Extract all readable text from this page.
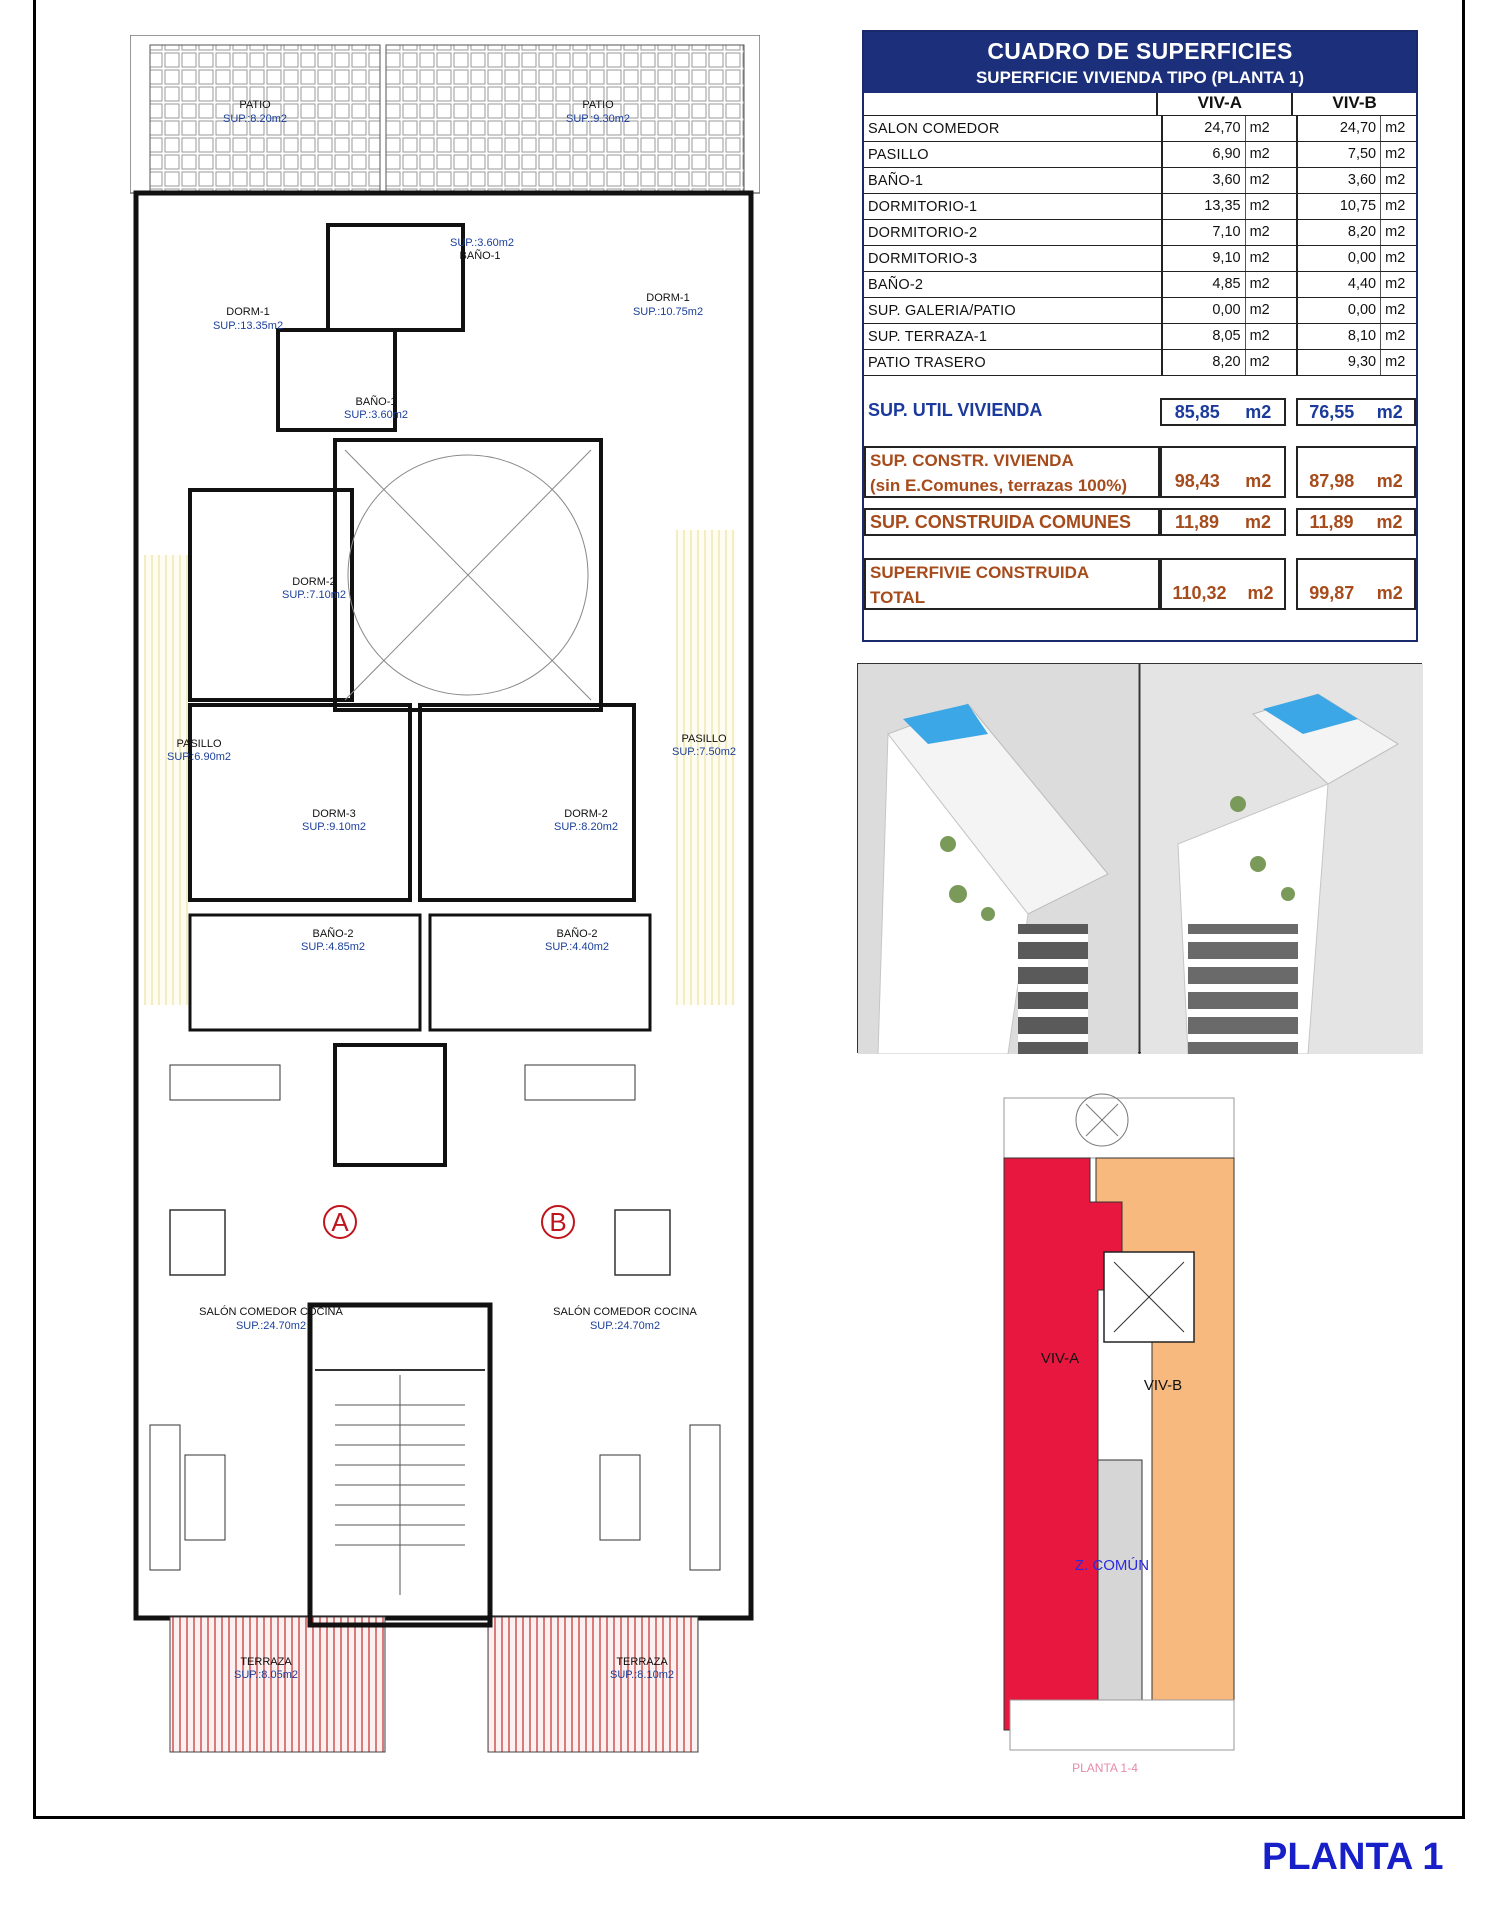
PATIO
SUP.:8.20m2
PATIO
SUP.:9.30m2
SUP.:3.60m2
BAÑO-1
DORM-1
SUP.:13.35m2
DORM-1
SUP.:10.75m2
BAÑO-1
SUP.:3.60m2
DORM-2
SUP.:7.10m2
PASILLO
SUP.:6.90m2
PASILLO
SUP.:7.50m2
DORM-3
SUP.:9.10m2
DORM-2
SUP.:8.20m2
BAÑO-2
SUP.:4.85m2
BAÑO-2
SUP.:4.40m2
SALÓN COMEDOR COCINA
SUP.:24.70m2
SALÓN COMEDOR COCINA
SUP.:24.70m2
TERRAZA
SUP.:8.05m2
TERRAZA
SUP.:8.10m2
A	B
CUADRO DE SUPERFICIES
SUPERFICIE VIVIENDA TIPO (PLANTA 1)
VIV-A	VIV-B
SALON COMEDOR	24,70 m2	24,70 m2
PASILLO	6,90 m2	7,50 m2
BAÑO-1	3,60 m2	3,60 m2
DORMITORIO-1	13,35 m2	10,75 m2
DORMITORIO-2	7,10 m2	8,20 m2
DORMITORIO-3	9,10 m2	0,00 m2
BAÑO-2	4,85 m2	4,40 m2
SUP. GALERIA/PATIO	0,00 m2	0,00 m2
SUP. TERRAZA-1	8,05 m2	8,10 m2
PATIO TRASERO	8,20 m2	9,30 m2
SUP. UTIL VIVIENDA	85,85 m2 76,55 m2
SUP. CONSTR. VIVIENDA
(sin E.Comunes, terrazas 100%)	98,43 m2 87,98 m2
SUP. CONSTRUIDA COMUNES	11,89 m2 11,89 m2
SUPERFIVIE CONSTRUIDA
TOTAL	110,32 m2 99,87 m2
VIV-A
VIV-B
Z. COMÚN
PLANTA 1-4
PLANTA 1
